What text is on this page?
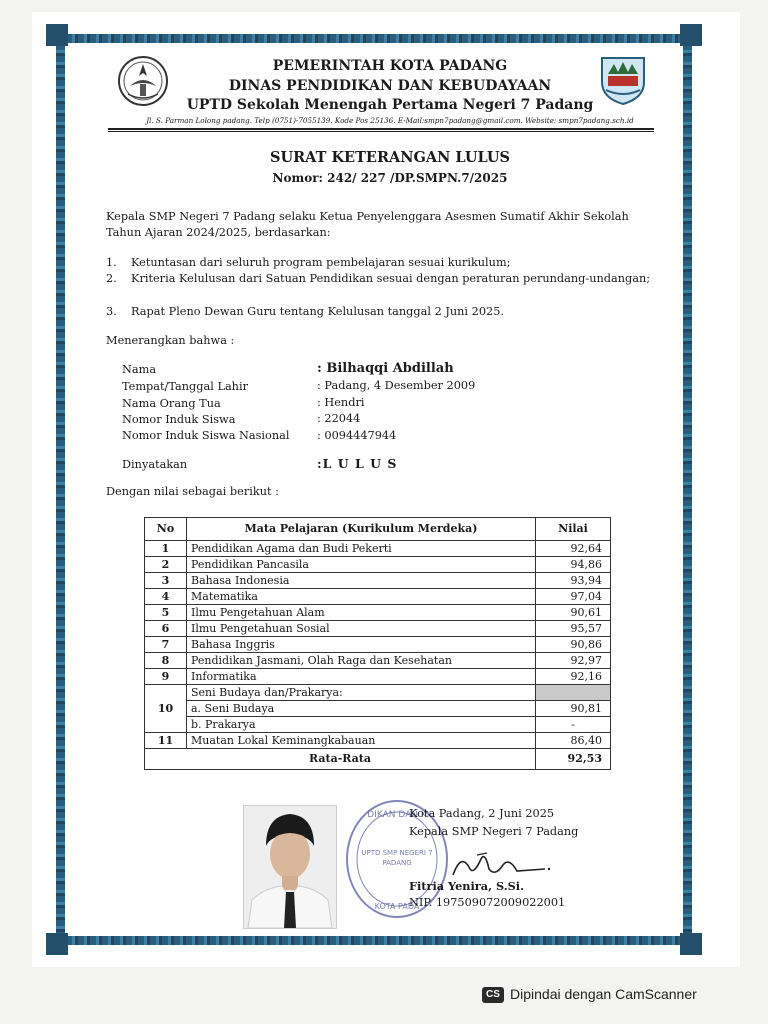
PEMERINTAH KOTA PADANG
DINAS PENDIDIKAN DAN KEBUDAYAAN
UPTD Sekolah Menengah Pertama Negeri 7 Padang
Jl. S. Parman Lolong padang. Telp (0751)-7055139. Kode Pos 25136. E-Mail:smpn7padang@gmail.com. Website: smpn7padang.sch.id
SURAT KETERANGAN LULUS
Nomor: 242/ 227 /DP.SMPN.7/2025
Kepala SMP Negeri 7 Padang selaku Ketua Penyelenggara Asesmen Sumatif Akhir Sekolah Tahun Ajaran 2024/2025, berdasarkan:
1. Ketuntasan dari seluruh program pembelajaran sesuai kurikulum;
2. Kriteria Kelulusan dari Satuan Pendidikan sesuai dengan peraturan perundang-undangan;
3. Rapat Pleno Dewan Guru tentang Kelulusan tanggal 2 Juni 2025.
Menerangkan bahwa :
Nama	: Bilhaqqi Abdillah
Tempat/Tanggal Lahir	: Padang, 4 Desember 2009
Nama Orang Tua	: Hendri
Nomor Induk Siswa	: 22044
Nomor Induk Siswa Nasional : 0094447944
Dinyatakan	:L U L U S
Dengan nilai sebagai berikut :
No	Mata Pelajaran (Kurikulum Merdeka)	Nilai
1	Pendidikan Agama dan Budi Pekerti	92,64
2	Pendidikan Pancasila	94,86
3	Bahasa Indonesia	93,94
4	Matematika	97,04
5	Ilmu Pengetahuan Alam	90,61
6	Ilmu Pengetahuan Sosial	95,57
7	Bahasa Inggris	90,86
8	Pendidikan Jasmani, Olah Raga dan Kesehatan	92,97
9	Informatika	92,16
10	Seni Budaya dan/Prakarya:	
	a. Seni Budaya	90,81
	b. Prakarya	-
11	Muatan Lokal Keminangkabauan	86,40
Rata-Rata		92,53
DIKAN DAN K
UPTD SMP NEGERI 7
PADANG
KOTA PADA
Kota Padang, 2 Juni 2025
Kepala SMP Negeri 7 Padang
Fitria Yenira, S.Si.
NIP. 197509072009022001
CS Dipindai dengan CamScanner
